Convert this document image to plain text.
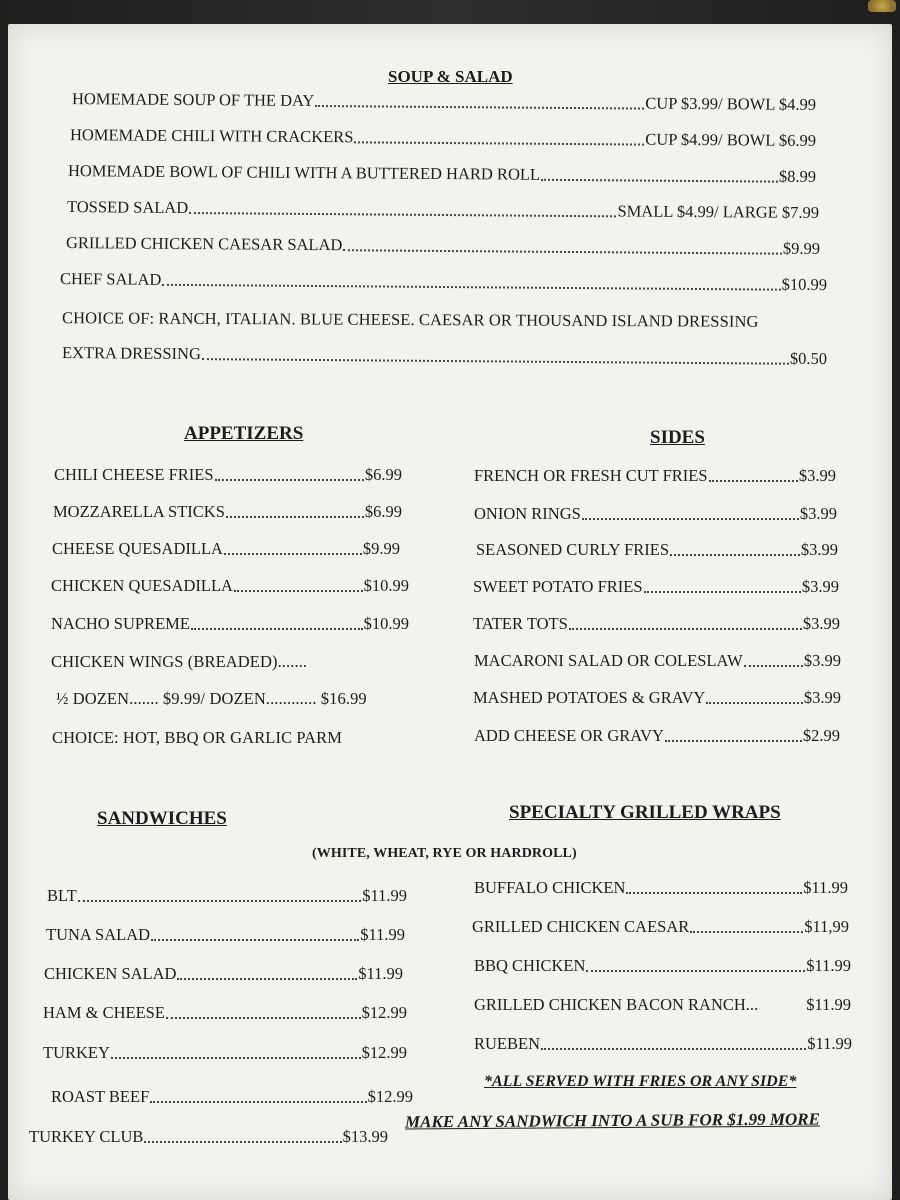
SOUP & SALAD
HOMEMADE SOUP OF THE DAY	CUP $3.99/ BOWL $4.99
HOMEMADE CHILI WITH CRACKERS	CUP $4.99/ BOWL $6.99
HOMEMADE BOWL OF CHILI WITH A BUTTERED HARD ROLL	$8.99
TOSSED SALAD	SMALL $4.99/ LARGE $7.99
GRILLED CHICKEN CAESAR SALAD	$9.99
CHEF SALAD	$10.99
CHOICE OF: RANCH, ITALIAN. BLUE CHEESE. CAESAR OR THOUSAND ISLAND DRESSING
EXTRA DRESSING	$0.50
APPETIZERS
CHILI CHEESE FRIES	$6.99
MOZZARELLA STICKS	$6.99
CHEESE QUESADILLA	$9.99
CHICKEN QUESADILLA	$10.99
NACHO SUPREME	$10.99
CHICKEN WINGS (BREADED).......
½ DOZEN....... $9.99/ DOZEN............ $16.99
CHOICE: HOT, BBQ OR GARLIC PARM
SIDES
FRENCH OR FRESH CUT FRIES	$3.99
ONION RINGS	$3.99
SEASONED CURLY FRIES	$3.99
SWEET POTATO FRIES	$3.99
TATER TOTS	$3.99
MACARONI SALAD OR COLESLAW	$3.99
MASHED POTATOES & GRAVY	$3.99
ADD CHEESE OR GRAVY	$2.99
SANDWICHES
(WHITE, WHEAT, RYE OR HARDROLL)
BLT	$11.99
TUNA SALAD	$11.99
CHICKEN SALAD	$11.99
HAM & CHEESE	$12.99
TURKEY	$12.99
ROAST BEEF	$12.99
TURKEY CLUB	$13.99
SPECIALTY GRILLED WRAPS
BUFFALO CHICKEN	$11.99
GRILLED CHICKEN CAESAR	$11,99
BBQ CHICKEN	$11.99
GRILLED CHICKEN BACON RANCH...	$11.99
RUEBEN	$11.99
*ALL SERVED WITH FRIES OR ANY SIDE*
MAKE ANY SANDWICH INTO A SUB FOR $1.99 MORE
